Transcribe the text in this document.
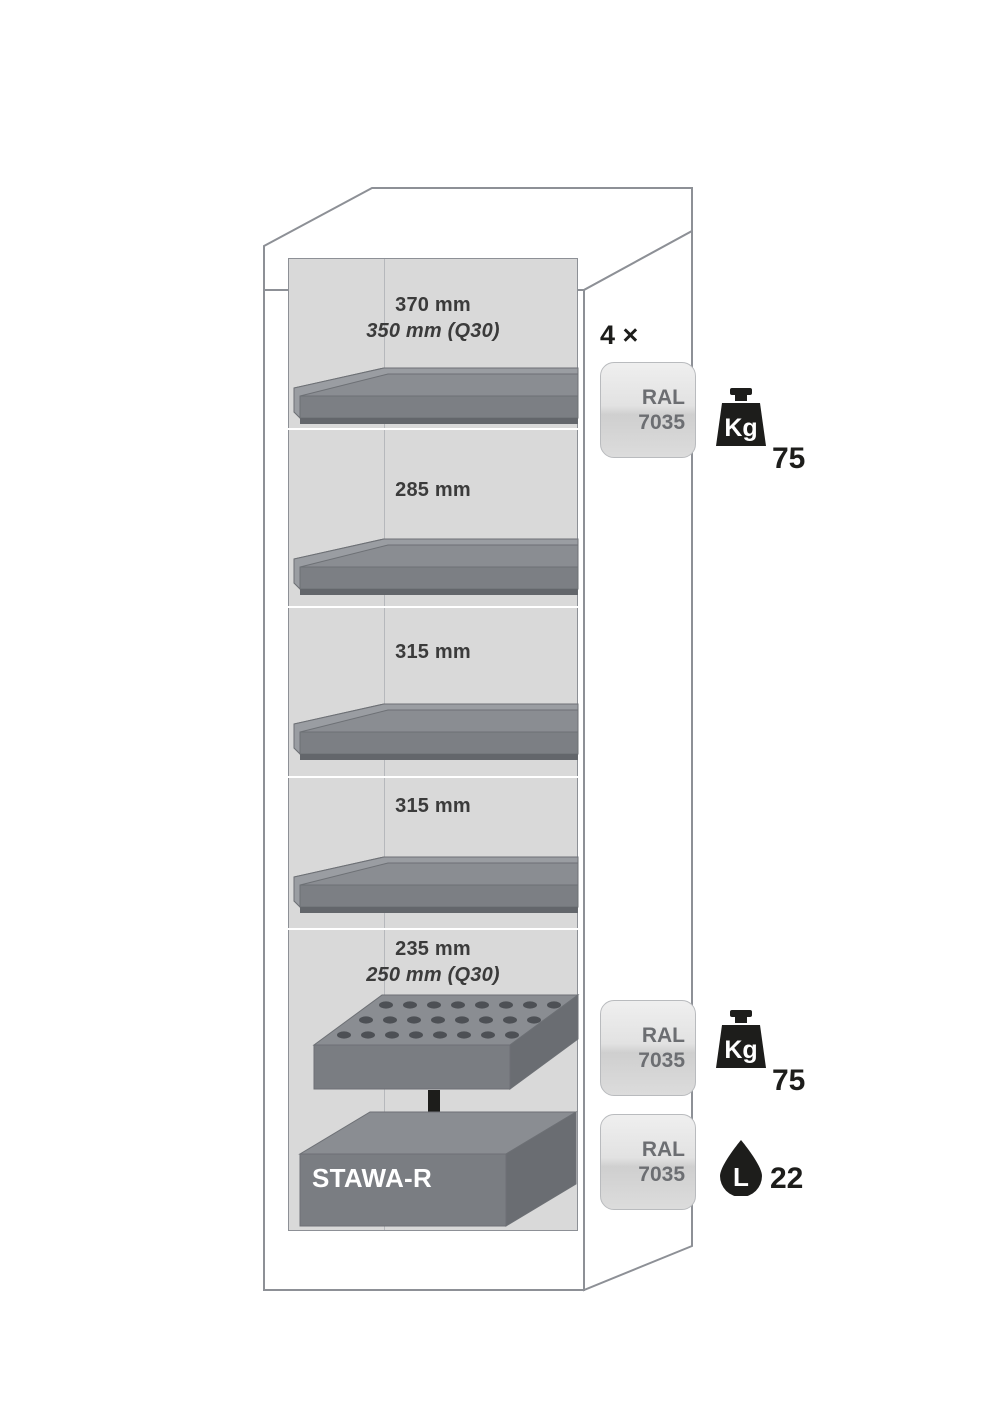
STAWA-R
370 mm
350 mm (Q30)
285 mm
315 mm
315 mm
235 mm
250 mm (Q30)
4 ×
RAL
7035 Kg
75
RAL
7035 Kg
75
RAL
7035 L 22
